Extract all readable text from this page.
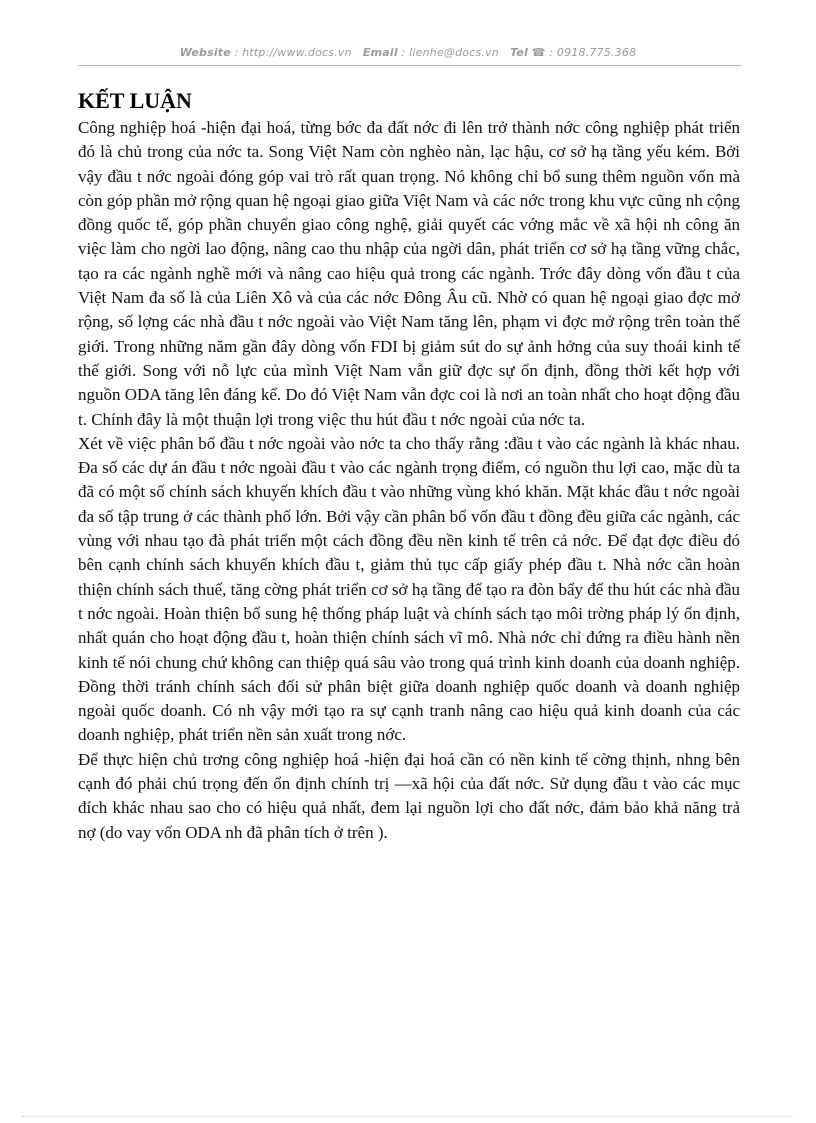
Website : http://www.docs.vn Email : lienhe@docs.vn Tel ☎ : 0918.775.368
KẾT LUẬN

Công nghiệp hoá -hiện đại hoá, từng bớc đa đất nớc đi lên trở thành nớc công nghiệp phát triển đó là chủ trong của nớc ta. Song Việt Nam còn nghèo nàn, lạc hậu, cơ sở hạ tầng yếu kém. Bởi vậy đầu t nớc ngoài đóng góp vai trò rất quan trọng. Nó không chỉ bổ sung thêm nguồn vốn mà còn góp phần mở rộng quan hệ ngoại giao giữa Việt Nam và các nớc trong khu vực cũng nh cộng đồng quốc tế, góp phần chuyển giao công nghệ, giải quyết các vớng mắc về xã hội nh công ăn việc làm cho ngời lao động, nâng cao thu nhập của ngời dân, phát triển cơ sở hạ tầng vững chắc, tạo ra các ngành nghề mới và nâng cao hiệu quả trong các ngành. Trớc đây dòng vốn đầu t của Việt Nam đa số là của Liên Xô và của các nớc Đông Âu cũ. Nhờ có quan hệ ngoại giao đợc mở rộng, số lợng các nhà đầu t nớc ngoài vào Việt Nam tăng lên, phạm vi đợc mở rộng trên toàn thế giới. Trong những năm gần đây dòng vốn FDI bị giảm sút do sự ảnh hởng của suy thoái kinh tế thế giới. Song với nỗ lực của mình Việt Nam vẫn giữ đợc sự ổn định, đồng thời kết hợp với nguồn ODA tăng lên đáng kể. Do đó Việt Nam vẫn đợc coi là nơi an toàn nhất cho hoạt động đầu t. Chính đây là một thuận lợi trong việc thu hút đầu t nớc ngoài của nớc ta.

Xét về việc phân bổ đầu t nớc ngoài vào nớc ta cho thấy rằng :đầu t vào các ngành là khác nhau. Đa số các dự án đầu t nớc ngoài đầu t vào các ngành trọng điểm, có nguồn thu lợi cao, mặc dù ta đã có một số chính sách khuyến khích đầu t vào những vùng khó khăn. Mặt khác đầu t nớc ngoài đa số tập trung ở các thành phố lớn. Bởi vậy cần phân bổ vốn đầu t đồng đều giữa các ngành, các vùng với nhau tạo đà phát triển một cách đồng đều nền kinh tế trên cả nớc. Để đạt đợc điều đó bên cạnh chính sách khuyến khích đầu t, giảm thủ tục cấp giấy phép đầu t. Nhà nớc cần hoàn thiện chính sách thuế, tăng cờng phát triển cơ sở hạ tầng để tạo ra đòn bẩy để thu hút các nhà đầu t nớc ngoài. Hoàn thiện bổ sung hệ thống pháp luật và chính sách tạo môi trờng pháp lý ổn định, nhất quán cho hoạt động đầu t, hoàn thiện chính sách vĩ mô. Nhà nớc chỉ đứng ra điều hành nền kinh tế nói chung chứ không can thiệp quá sâu vào trong quá trình kinh doanh của doanh nghiệp. Đồng thời tránh chính sách đối sử phân biệt giữa doanh nghiệp quốc doanh và doanh nghiệp ngoài quốc doanh. Có nh vậy mới tạo ra sự cạnh tranh nâng cao hiệu quả kinh doanh của các doanh nghiệp, phát triển nền sản xuất trong nớc.

Để thực hiện chủ trơng công nghiệp hoá -hiện đại hoá cần có nền kinh tế cờng thịnh, nhng bên cạnh đó phải chú trọng đến ổn định chính trị —xã hội của đất nớc. Sử dụng đầu t vào các mục đích khác nhau sao cho có hiệu quả nhất, đem lại nguồn lợi cho đất nớc, đảm bảo khả năng trả nợ (do vay vốn ODA nh đã phân tích ở trên ).
